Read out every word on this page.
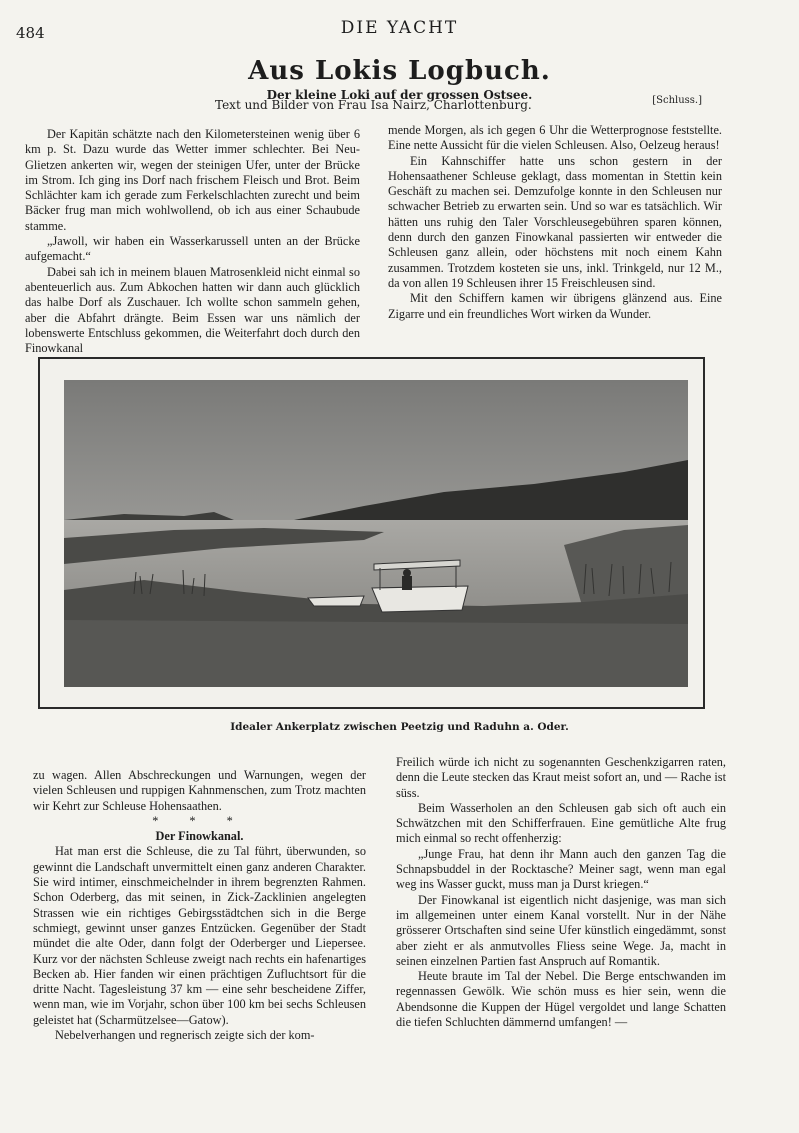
484	DIE YACHT
Aus Lokis Logbuch.
Der kleine Loki auf der grossen Ostsee.
Text und Bilder von Frau Isa Nairz, Charlottenburg.	[Schluss.]

Der Kapitän schätzte nach den Kilometersteinen wenig über 6 km p. St. Dazu wurde das Wetter immer schlechter. Bei Neu-Glietzen ankerten wir, wegen der steinigen Ufer, unter der Brücke im Strom. Ich ging ins Dorf nach frischem Fleisch und Brot. Beim Schlächter kam ich gerade zum Ferkelschlachten zurecht und beim Bäcker frug man mich wohlwollend, ob ich aus einer Schaubude stamme.

„Jawoll, wir haben ein Wasserkarussell unten an der Brücke aufgemacht.“

Dabei sah ich in meinem blauen Matrosenkleid nicht einmal so abenteuerlich aus. Zum Abkochen hatten wir dann auch glücklich das halbe Dorf als Zuschauer. Ich wollte schon sammeln gehen, aber die Abfahrt drängte. Beim Essen war uns nämlich der lobenswerte Entschluss gekommen, die Weiterfahrt doch durch den Finowkanal

mende Morgen, als ich gegen 6 Uhr die Wetterprognose feststellte. Eine nette Aussicht für die vielen Schleusen. Also, Oelzeug heraus!

Ein Kahnschiffer hatte uns schon gestern in der Hohensaathener Schleuse geklagt, dass momentan in Stettin kein Geschäft zu machen sei. Demzufolge konnte in den Schleusen nur schwacher Betrieb zu erwarten sein. Und so war es tatsächlich. Wir hätten uns ruhig den Taler Vorschleusegebühren sparen können, denn durch den ganzen Finowkanal passierten wir entweder die Schleusen ganz allein, oder höchstens mit noch einem Kahn zusammen. Trotzdem kosteten sie uns, inkl. Trinkgeld, nur 12 M., da von allen 19 Schleusen ihrer 15 Freischleusen sind.

Mit den Schiffern kamen wir übrigens glänzend aus. Eine Zigarre und ein freundliches Wort wirken da Wunder.

Idealer Ankerplatz zwischen Peetzig und Raduhn a. Oder.

zu wagen. Allen Abschreckungen und Warnungen, wegen der vielen Schleusen und ruppigen Kahnmenschen, zum Trotz machten wir Kehrt zur Schleuse Hohensaathen.

* * *

Der Finowkanal.

Hat man erst die Schleuse, die zu Tal führt, überwunden, so gewinnt die Landschaft unvermittelt einen ganz anderen Charakter. Sie wird intimer, einschmeichelnder in ihrem begrenzten Rahmen. Schon Oderberg, das mit seinen, in Zick-Zacklinien angelegten Strassen wie ein richtiges Gebirgsstädtchen sich in die Berge schmiegt, gewinnt unser ganzes Entzücken. Gegenüber der Stadt mündet die alte Oder, dann folgt der Oderberger und Liepersee. Kurz vor der nächsten Schleuse zweigt nach rechts ein hafenartiges Becken ab. Hier fanden wir einen prächtigen Zufluchtsort für die dritte Nacht. Tagesleistung 37 km — eine sehr bescheidene Ziffer, wenn man, wie im Vorjahr, schon über 100 km bei sechs Schleusen geleistet hat (Scharmützelsee—Gatow).

Nebelverhangen und regnerisch zeigte sich der kom-

Freilich würde ich nicht zu sogenannten Geschenkzigarren raten, denn die Leute stecken das Kraut meist sofort an, und — Rache ist süss.

Beim Wasserholen an den Schleusen gab sich oft auch ein Schwätzchen mit den Schifferfrauen. Eine gemütliche Alte frug mich einmal so recht offenherzig:

„Junge Frau, hat denn ihr Mann auch den ganzen Tag die Schnapsbuddel in der Rocktasche? Meiner sagt, wenn man egal weg ins Wasser guckt, muss man ja Durst kriegen.“

Der Finowkanal ist eigentlich nicht dasjenige, was man sich im allgemeinen unter einem Kanal vorstellt. Nur in der Nähe grösserer Ortschaften sind seine Ufer künstlich eingedämmt, sonst aber zieht er als anmutvolles Fliess seine Wege. Ja, macht in seinen einzelnen Partien fast Anspruch auf Romantik.

Heute braute im Tal der Nebel. Die Berge entschwanden im regennassen Gewölk. Wie schön muss es hier sein, wenn die Abendsonne die Kuppen der Hügel vergoldet und lange Schatten die tiefen Schluchten dämmernd umfangen! —
